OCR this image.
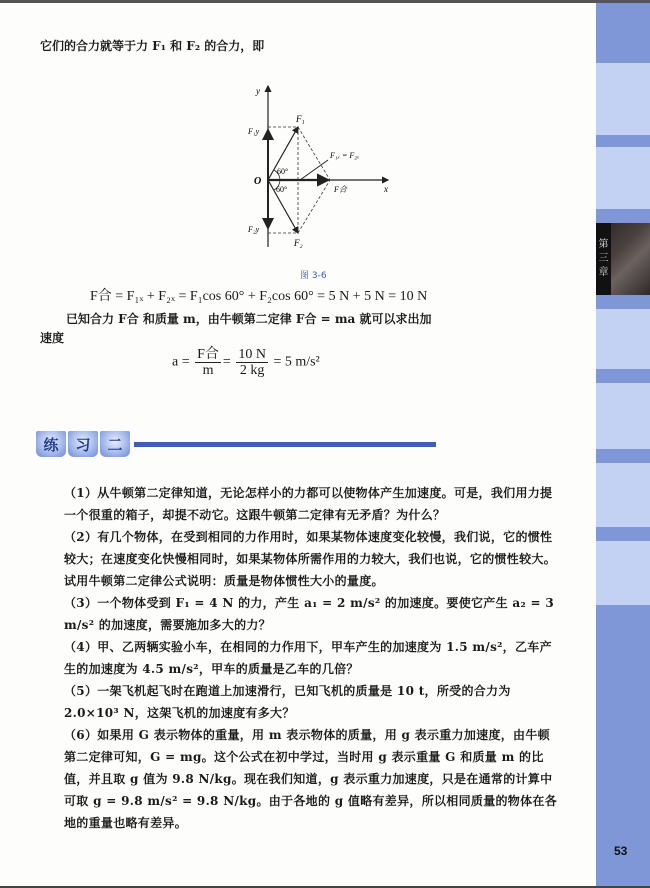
第
三
章
53
它们的合力就等于力 F₁ 和 F₂ 的合力，即
y
x
O
F₁
F₂
F₁y
F₂y
F₁ₓ = F₂ₓ
F合
60°
60°
图 3-6
F合 = F₁ₓ + F₂ₓ = F₁cos 60° + F₂cos 60° = 5 N + 5 N = 10 N
已知合力 F合 和质量 m，由牛顿第二定律 F合 = ma 就可以求出加
速度
$a = \frac{\text{F合}}{m} = \frac{10 N}{2 kg} = 5$ m/s²
练	习	二

（1）从牛顿第二定律知道，无论怎样小的力都可以使物体产生加速度。可是，我们用力提一个很重的箱子，却提不动它。这跟牛顿第二定律有无矛盾？为什么？

（2）有几个物体，在受到相同的力作用时，如果某物体速度变化较慢，我们说，它的惯性较大；在速度变化快慢相同时，如果某物体所需作用的力较大，我们也说，它的惯性较大。

试用牛顿第二定律公式说明：质量是物体惯性大小的量度。

（3）一个物体受到 F₁ = 4 N 的力，产生 a₁ = 2 m/s² 的加速度。要使它产生 a₂ = 3 m/s² 的加速度，需要施加多大的力？

（4）甲、乙两辆实验小车，在相同的力作用下，甲车产生的加速度为 1.5 m/s²，乙车产生的加速度为 4.5 m/s²，甲车的质量是乙车的几倍？

（5）一架飞机起飞时在跑道上加速滑行，已知飞机的质量是 10 t，所受的合力为 2.0×10³ N，这架飞机的加速度有多大？

（6）如果用 G 表示物体的重量，用 m 表示物体的质量，用 g 表示重力加速度，由牛顿第二定律可知，G = mg。这个公式在初中学过，当时用 g 表示重量 G 和质量 m 的比值，并且取 g 值为 9.8 N/kg。现在我们知道，g 表示重力加速度，只是在通常的计算中可取 g = 9.8 m/s² = 9.8 N/kg。由于各地的 g 值略有差异，所以相同质量的物体在各地的重量也略有差异。
